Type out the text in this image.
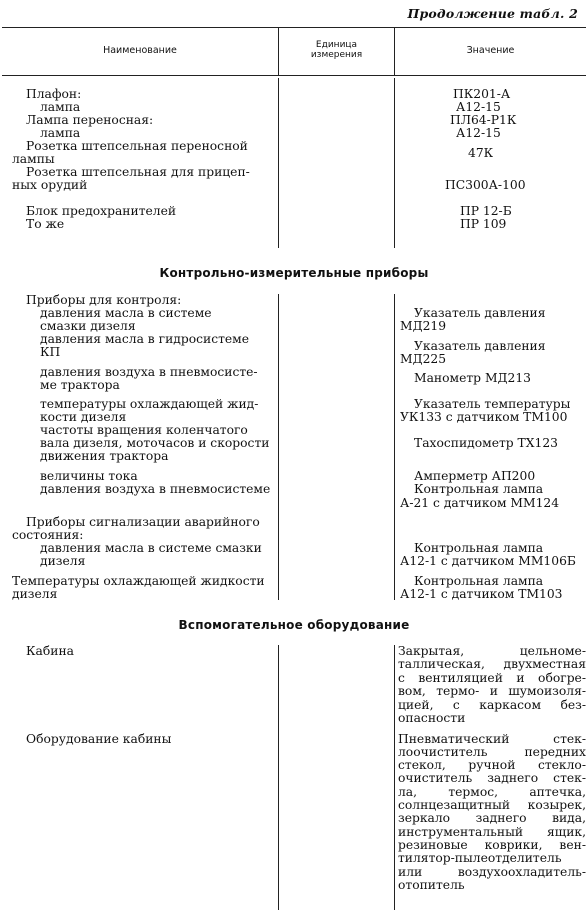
Продолжение табл. 2
Наименование	Единица
измерения	Значение
Плафон:
лампа
Лампа переносная:
лампа
Розетка штепсельная переносной
лампы
Розетка штепсельная для прицеп-
ных орудий
Блок предохранителей
То же
ПК201-А
А12-15
ПЛ64-Р1К
А12-15
47К
ПС300А-100
ПР 12-Б
ПР 109
Контрольно-измерительные приборы
Приборы для контроля:
давления масла в системе
смазки дизеля
давления масла в гидросистеме
КП
давления воздуха в пневмосисте-
ме трактора
температуры охлаждающей жид-
кости дизеля
частоты вращения коленчатого
вала дизеля, моточасов и скорости
движения трактора
величины тока
давления воздуха в пневмосистеме
Приборы сигнализации аварийного
состояния:
давления масла в системе смазки
дизеля
Температуры охлаждающей жидкости
дизеля
Указатель давления
МД219
Указатель давления
МД225
Манометр МД213
Указатель температуры
УК133 с датчиком ТМ100
Тахоспидометр ТХ123
Амперметр АП200
Контрольная лампа
А-21 с датчиком ММ124
Контрольная лампа
А12-1 с датчиком ММ106Б
Контрольная лампа
А12-1 с датчиком ТМ103
Вспомогательное оборудование
Кабина
Оборудование кабины
Закрытая, цельноме-
таллическая, двухместная
с вентиляцией и обогре-
вом, термо- и шумоизоля-
цией, с каркасом без-
опасности
Пневматический стек-
лоочиститель передних
стекол, ручной стекло-
очиститель заднего стек-
ла, термос, аптечка,
солнцезащитный козырек,
зеркало заднего вида,
инструментальный ящик,
резиновые коврики, вен-
тилятор-пылеотделитель
или воздухоохладитель-
отопитель
